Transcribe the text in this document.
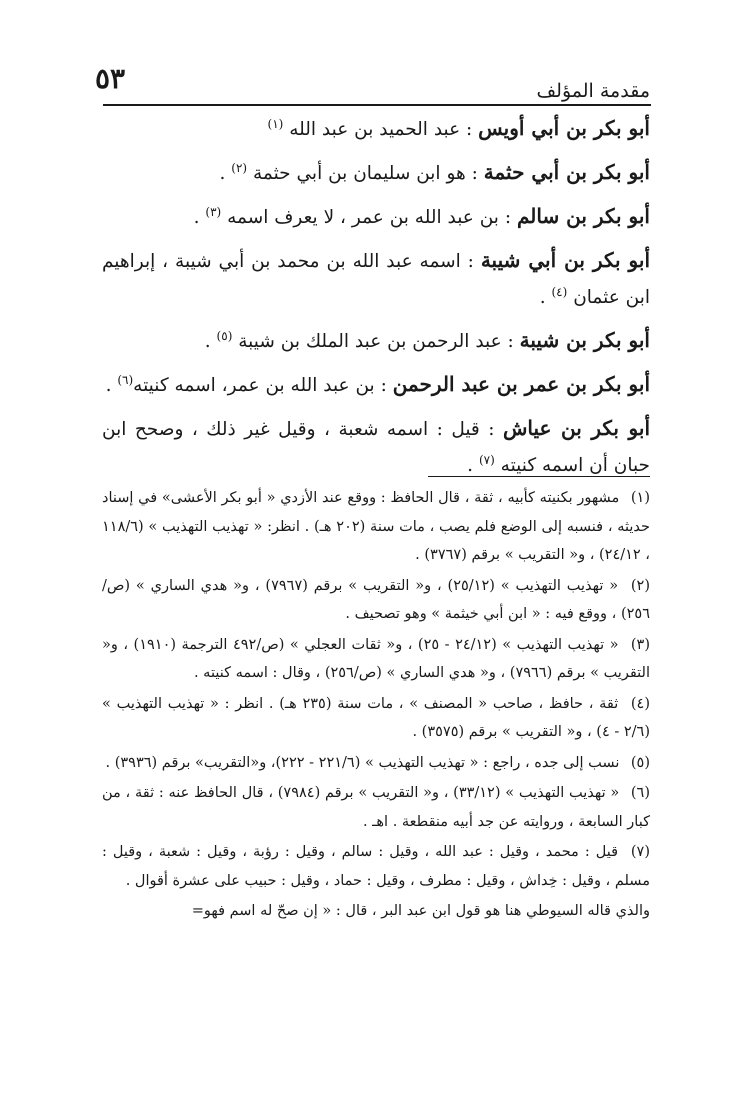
٥٣	مقدمة المؤلف

أبو بكر بن أبي أويس : عبد الحميد بن عبد الله $^{(١)}$

أبو بكر بن أبي حثمة : هو ابن سليمان بن أبي حثمة $^{(٢)}$ .

أبو بكر بن سالم : بن عبد الله بن عمر ، لا يعرف اسمه $^{(٣)}$ .

أبو بكر بن أبي شيبة : اسمه عبد الله بن محمد بن أبي شيبة ، إبراهيم ابن عثمان $^{(٤)}$ .

أبو بكر بن شيبة : عبد الرحمن بن عبد الملك بن شيبة $^{(٥)}$ .

أبو بكر بن عمر بن عبد الرحمن : بن عبد الله بن عمر، اسمه كنيته$^{(٦)}$ .

أبو بكر بن عياش : قيل : اسمه شعبة ، وقيل غير ذلك ، وصحح ابن حبان أن اسمه كنيته $^{(٧)}$ .

(١) مشهور بكنيته كأبيه ، ثقة ، قال الحافظ : ووقع عند الأزدي « أبو بكر الأعشى» في إسناد حديثه ، فنسبه إلى الوضع فلم يصب ، مات سنة (٢٠٢ هـ) . انظر: « تهذيب التهذيب » (١١٨/٦ ، ٢٤/١٢) ، و« التقريب » برقم (٣٧٦٧) .

(٢) « تهذيب التهذيب » (٢٥/١٢) ، و« التقريب » برقم (٧٩٦٧) ، و« هدي الساري » (ص/٢٥٦) ، ووقع فيه : « ابن أبي خيثمة » وهو تصحيف .

(٣) « تهذيب التهذيب » (٢٤/١٢ - ٢٥) ، و« ثقات العجلي » (ص/٤٩٢ الترجمة (١٩١٠) ، و« التقريب » برقم (٧٩٦٦) ، و« هدي الساري » (ص/٢٥٦) ، وقال : اسمه كنيته .

(٤) ثقة ، حافظ ، صاحب « المصنف » ، مات سنة (٢٣٥ هـ) . انظر : « تهذيب التهذيب » (٢/٦ - ٤) ، و« التقريب » برقم (٣٥٧٥) .

(٥) نسب إلى جده ، راجع : « تهذيب التهذيب » (٢٢١/٦ - ٢٢٢)، و«التقريب» برقم (٣٩٣٦) .

(٦) « تهذيب التهذيب » (٣٣/١٢) ، و« التقريب » برقم (٧٩٨٤) ، قال الحافظ عنه : ثقة ، من كبار السابعة ، وروايته عن جد أبيه منقطعة . اهـ .

(٧) قيل : محمد ، وقيل : عبد الله ، وقيل : سالم ، وقيل : رؤبة ، وقيل : شعبة ، وقيل : مسلم ، وقيل : خِداش ، وقيل : مطرف ، وقيل : حماد ، وقيل : حبيب على عشرة أقوال .

والذي قاله السيوطي هنا هو قول ابن عبد البر ، قال : « إن صحّ له اسم فهو=
